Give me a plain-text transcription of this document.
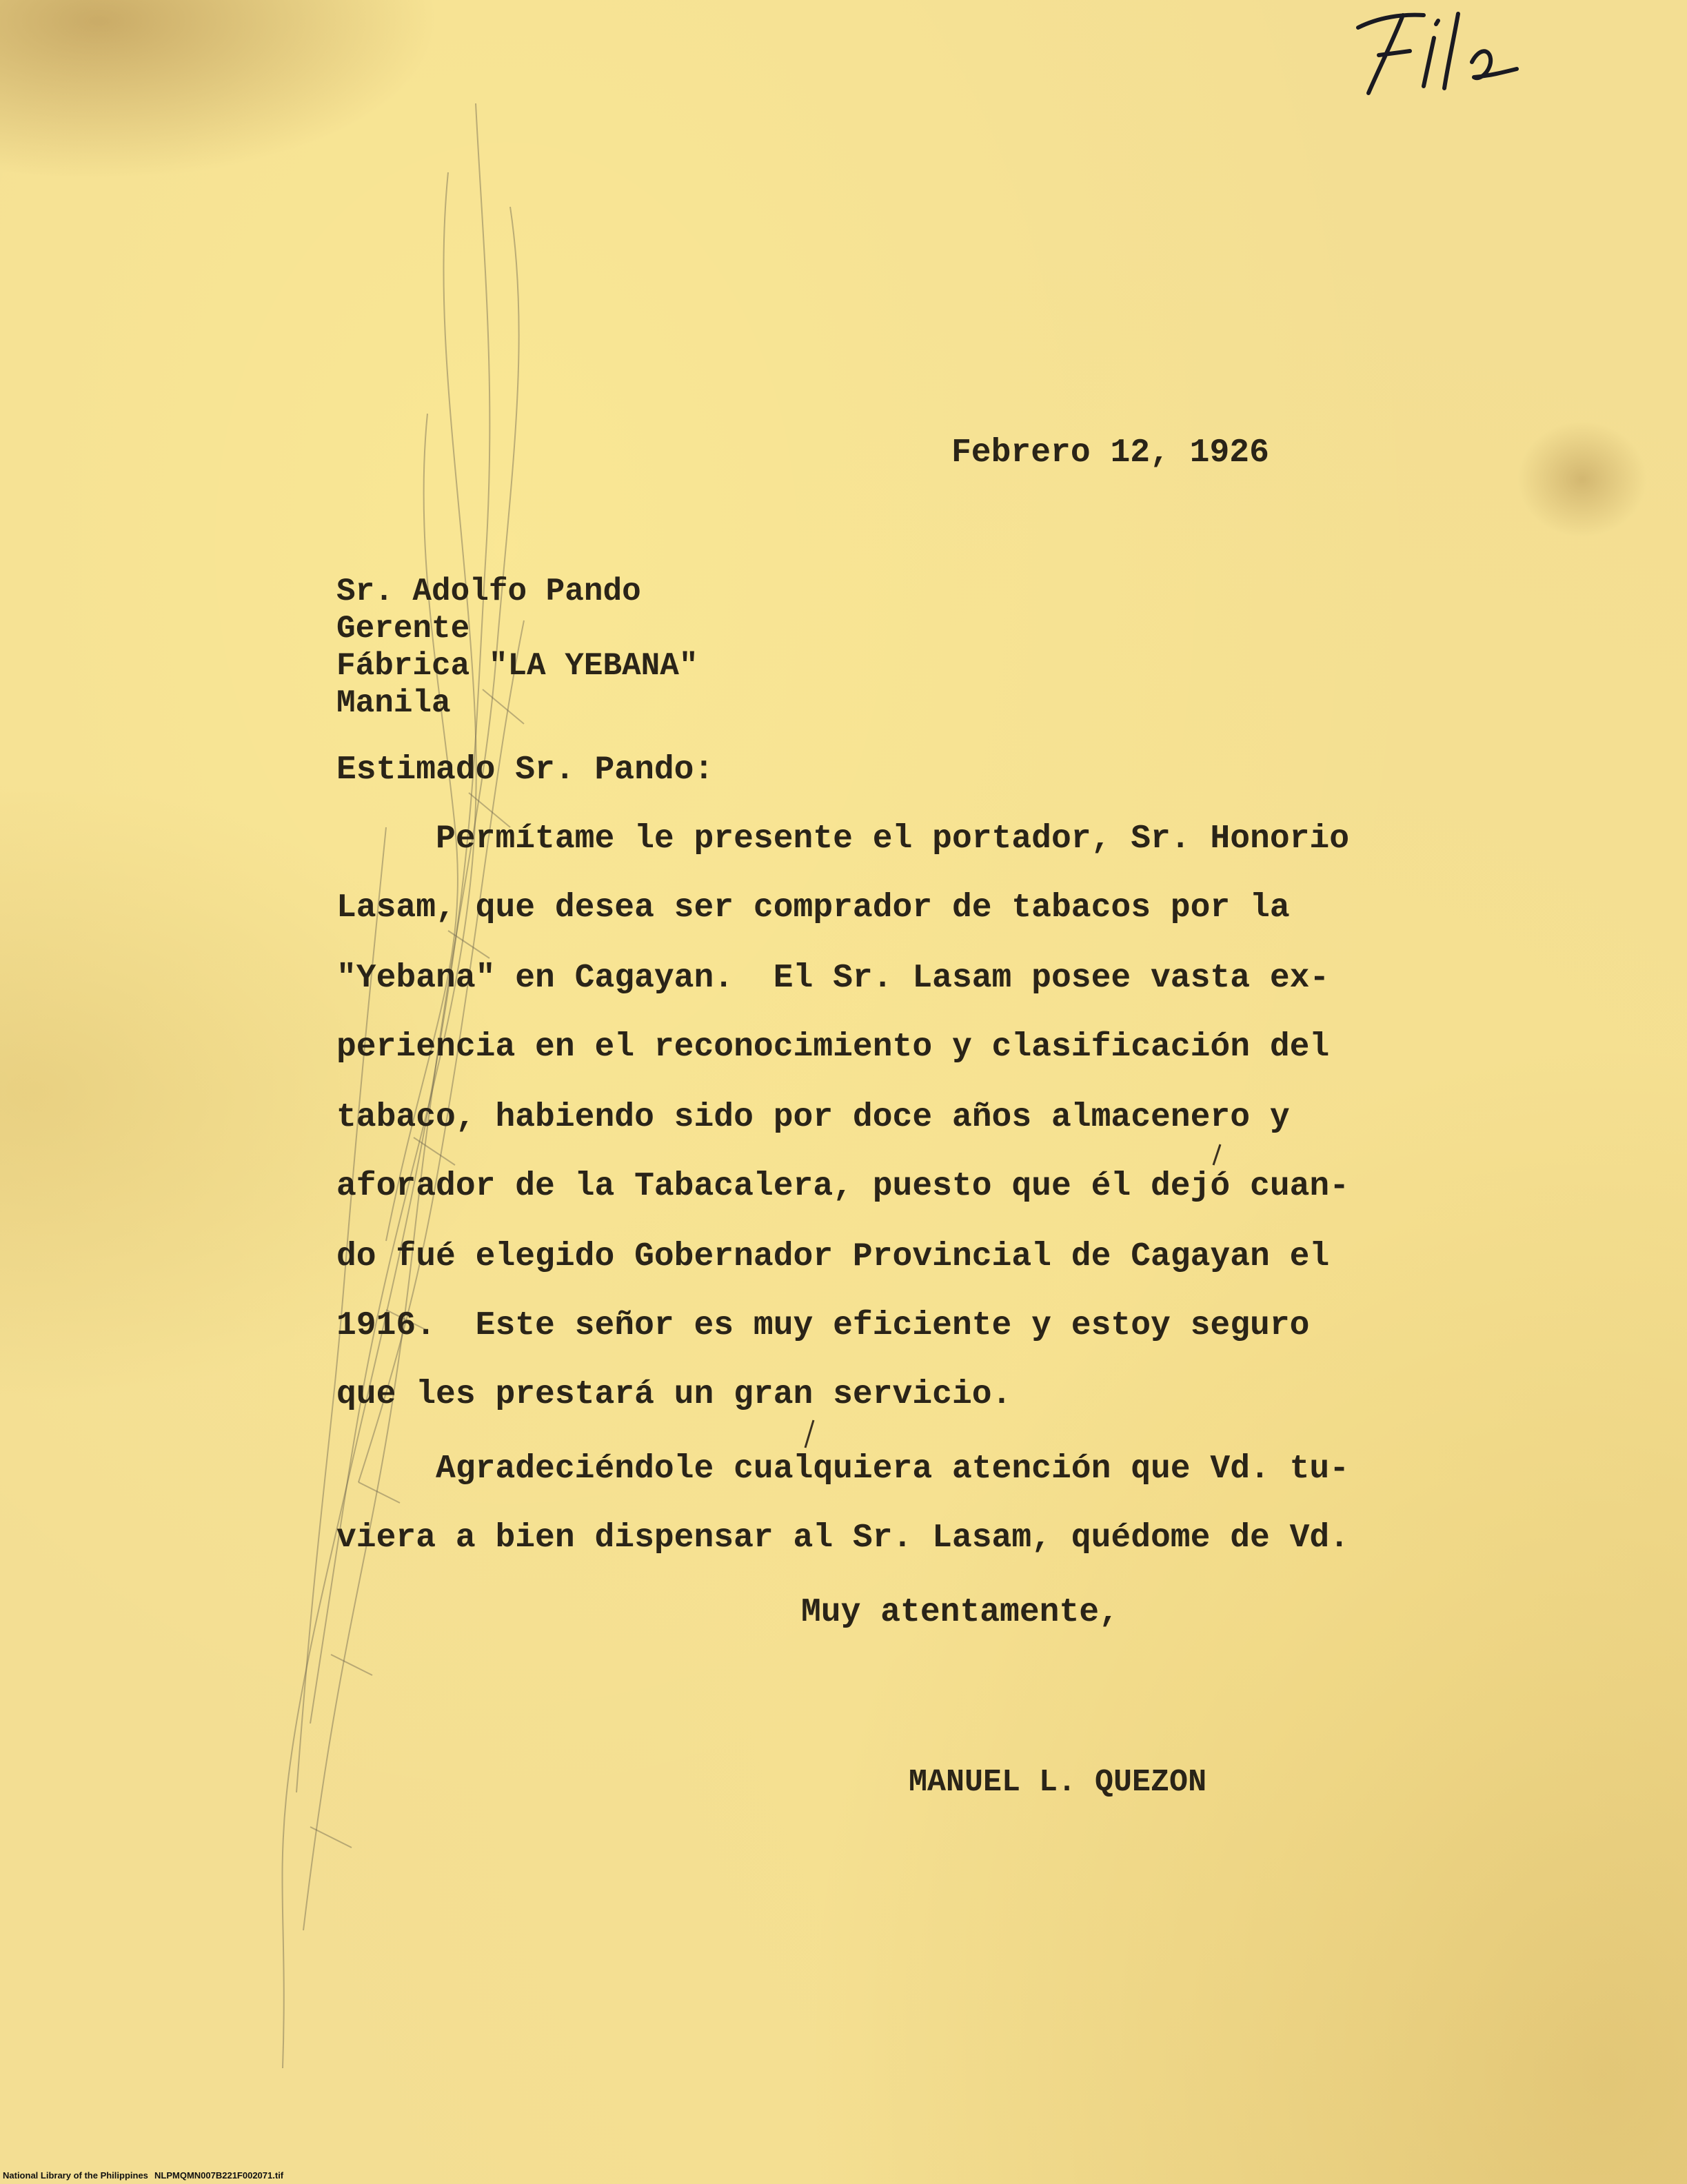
Febrero 12, 1926
Sr. Adolfo Pando
Gerente
Fábrica "LA YEBANA"
Manila
Estimado Sr. Pando:
Permítame le presente el portador, Sr. Honorio
Lasam, que desea ser comprador de tabacos por la
"Yebana" en Cagayan.  El Sr. Lasam posee vasta ex-
periencia en el reconocimiento y clasificación del
tabaco, habiendo sido por doce años almacenero y
aforador de la Tabacalera, puesto que él dejó cuan-
do fué elegido Gobernador Provincial de Cagayan el
1916.  Este señor es muy eficiente y estoy seguro
que les prestará un gran servicio.
Agradeciéndole cualquiera atención que Vd. tu-
viera a bien dispensar al Sr. Lasam, quédome de Vd.
Muy atentamente,
MANUEL L. QUEZON
National Library of the Philippines NLPMQMN007B221F002071.tif
